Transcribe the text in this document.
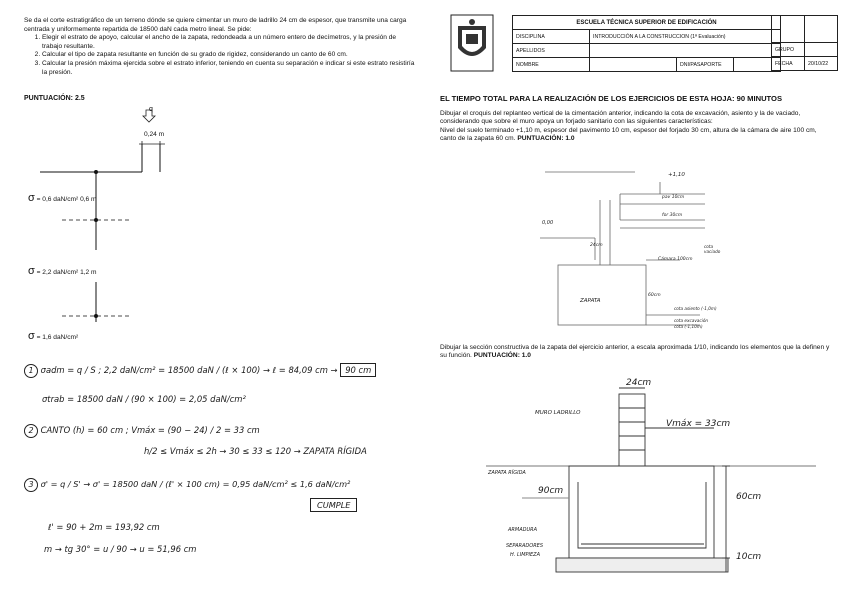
Se da el corte estratigráfico de un terreno dónde se quiere cimentar un muro de ladrillo 24 cm de espesor, que transmite una carga centrada y uniformemente repartida de 18500 daN cada metro lineal. Se pide:

1. Elegir el estrato de apoyo, calcular el ancho de la zapata, redondeada a un número entero de decímetros, y la presión de trabajo resultante.
2. Calcular el tipo de zapata resultante en función de su grado de rigidez, considerando un canto de 60 cm.
3. Calcular la presión máxima ejercida sobre el estrato inferior, teniendo en cuenta su separación e indicar si este estrato resistiría la presión.
PUNTUACIÓN: 2.5
q
0,24 m
σ = 0,6 daN/cm² 0,6 m
σ = 2,2 daN/cm² 1,2 m
σ = 1,6 daN/cm²
1 σadm = q / S ; 2,2 daN/cm² = 18500 daN / (ℓ × 100) → ℓ = 84,09 cm → 90 cm
σtrab = 18500 daN / (90 × 100) = 2,05 daN/cm²
2 CANTO (h) = 60 cm ; Vmáx = (90 − 24) / 2 = 33 cm
h/2 ≤ Vmáx ≤ 2h → 30 ≤ 33 ≤ 120 → ZAPATA RÍGIDA
3 σ' = q / S' → σ' = 18500 daN / (ℓ' × 100 cm) = 0,95 daN/cm² ≤ 1,6 daN/cm²
CUMPLE
ℓ' = 90 + 2m = 193,92 cm
m → tg 30° = u / 90 → u = 51,96 cm
ESCUELA TÉCNICA SUPERIOR DE EDIFICACIÓN			
DISCIPLINA	INTRODUCCIÓN A LA CONSTRUCCION (1ª Evaluación)		
APELLIDOS			
NOMBRE		DNI/PASAPORTE	

GRUPO	
FECHA	20/10/22
EL TIEMPO TOTAL PARA LA REALIZACIÓN DE LOS EJERCICIOS DE ESTA HOJA: 90 MINUTOS
Dibujar el croquis del replanteo vertical de la cimentación anterior, indicando la cota de excavación, asiento y la de vaciado, considerando que sobre el muro apoya un forjado sanitario con las siguientes características:
Nivel del suelo terminado +1,10 m, espesor del pavimento 10 cm, espesor del forjado 30 cm, altura de la cámara de aire 100 cm, canto de la zapata 60 cm. PUNTUACIÓN: 1.0
+1,10
pav 10cm
for 30cm
0,00
24cm
Cámara 100cm
cota vaciado
ZAPATA
60cm
cota asiento (-1,0m)
cota excavación
cota (-1,10m)
Dibujar la sección constructiva de la zapata del ejercicio anterior, a escala aproximada 1/10, indicando los elementos que la definen y su función. PUNTUACIÓN: 1.0
24cm
MURO LADRILLO
Vmáx = 33cm
ZAPATA RÍGIDA
90cm
60cm
ARMADURA
SEPARADORES
H. LIMPIEZA	10cm
